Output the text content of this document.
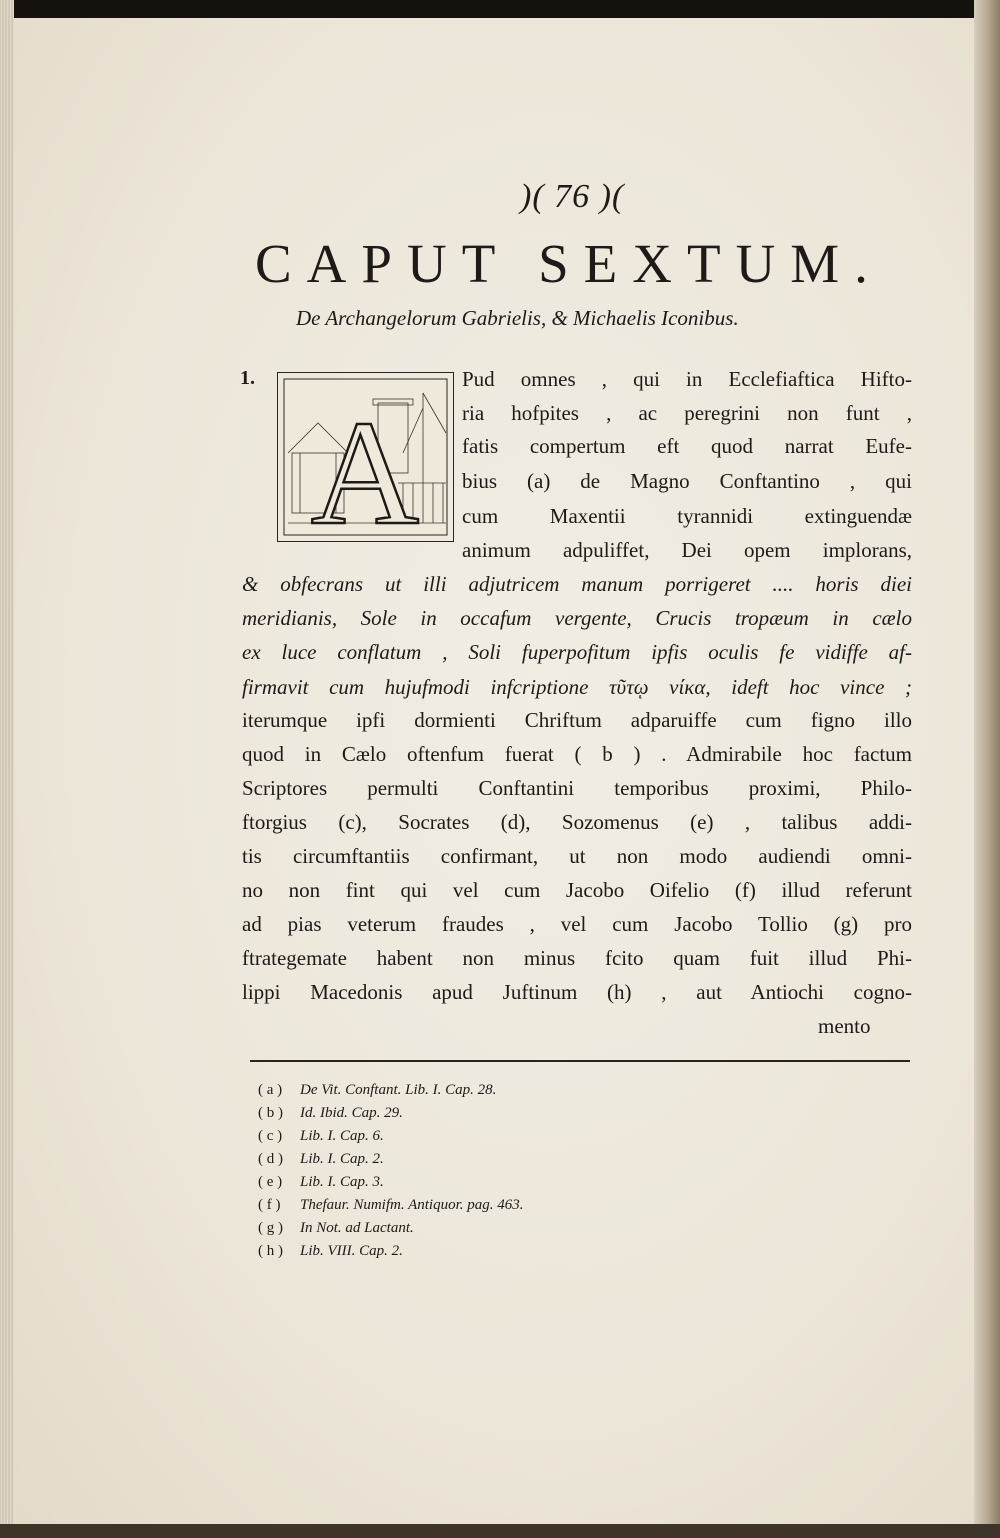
)( 76 )(
CAPUT SEXTUM.
De Archangelorum Gabrielis, & Michaelis Iconibus.
1.
A
Pud omnes , qui in Ecclefiaftica Hifto-
ria hofpites , ac peregrini non funt ,
fatis compertum eft quod narrat Eufe-
bius (a) de Magno Conftantino , qui
cum Maxentii tyrannidi extinguendæ
animum adpuliffet, Dei opem implorans,
& obfecrans ut illi adjutricem manum porrigeret .... horis diei
meridianis, Sole in occafum vergente, Crucis tropæum in cælo
ex luce conflatum , Soli fuperpofitum ipfis oculis fe vidiffe af-
firmavit cum hujufmodi infcriptione τῦτῳ νίκα, ideft hoc vince ;
iterumque ipfi dormienti Chriftum adparuiffe cum figno illo
quod in Cælo oftenfum fuerat ( b ) . Admirabile hoc factum
Scriptores permulti Conftantini temporibus proximi, Philo-
ftorgius (c), Socrates (d), Sozomenus (e) , talibus addi-
tis circumftantiis confirmant, ut non modo audiendi omni-
no non fint qui vel cum Jacobo Oifelio (f) illud referunt
ad pias veterum fraudes , vel cum Jacobo Tollio (g) pro
ftrategemate habent non minus fcito quam fuit illud Phi-
lippi Macedonis apud Juftinum (h) , aut Antiochi cogno-
mento
( a ) De Vit. Conftant. Lib. I. Cap. 28.
( b ) Id. Ibid. Cap. 29.
( c ) Lib. I. Cap. 6.
( d ) Lib. I. Cap. 2.
( e ) Lib. I. Cap. 3.
( f ) Thefaur. Numifm. Antiquor. pag. 463.
( g ) In Not. ad Lactant.
( h ) Lib. VIII. Cap. 2.
